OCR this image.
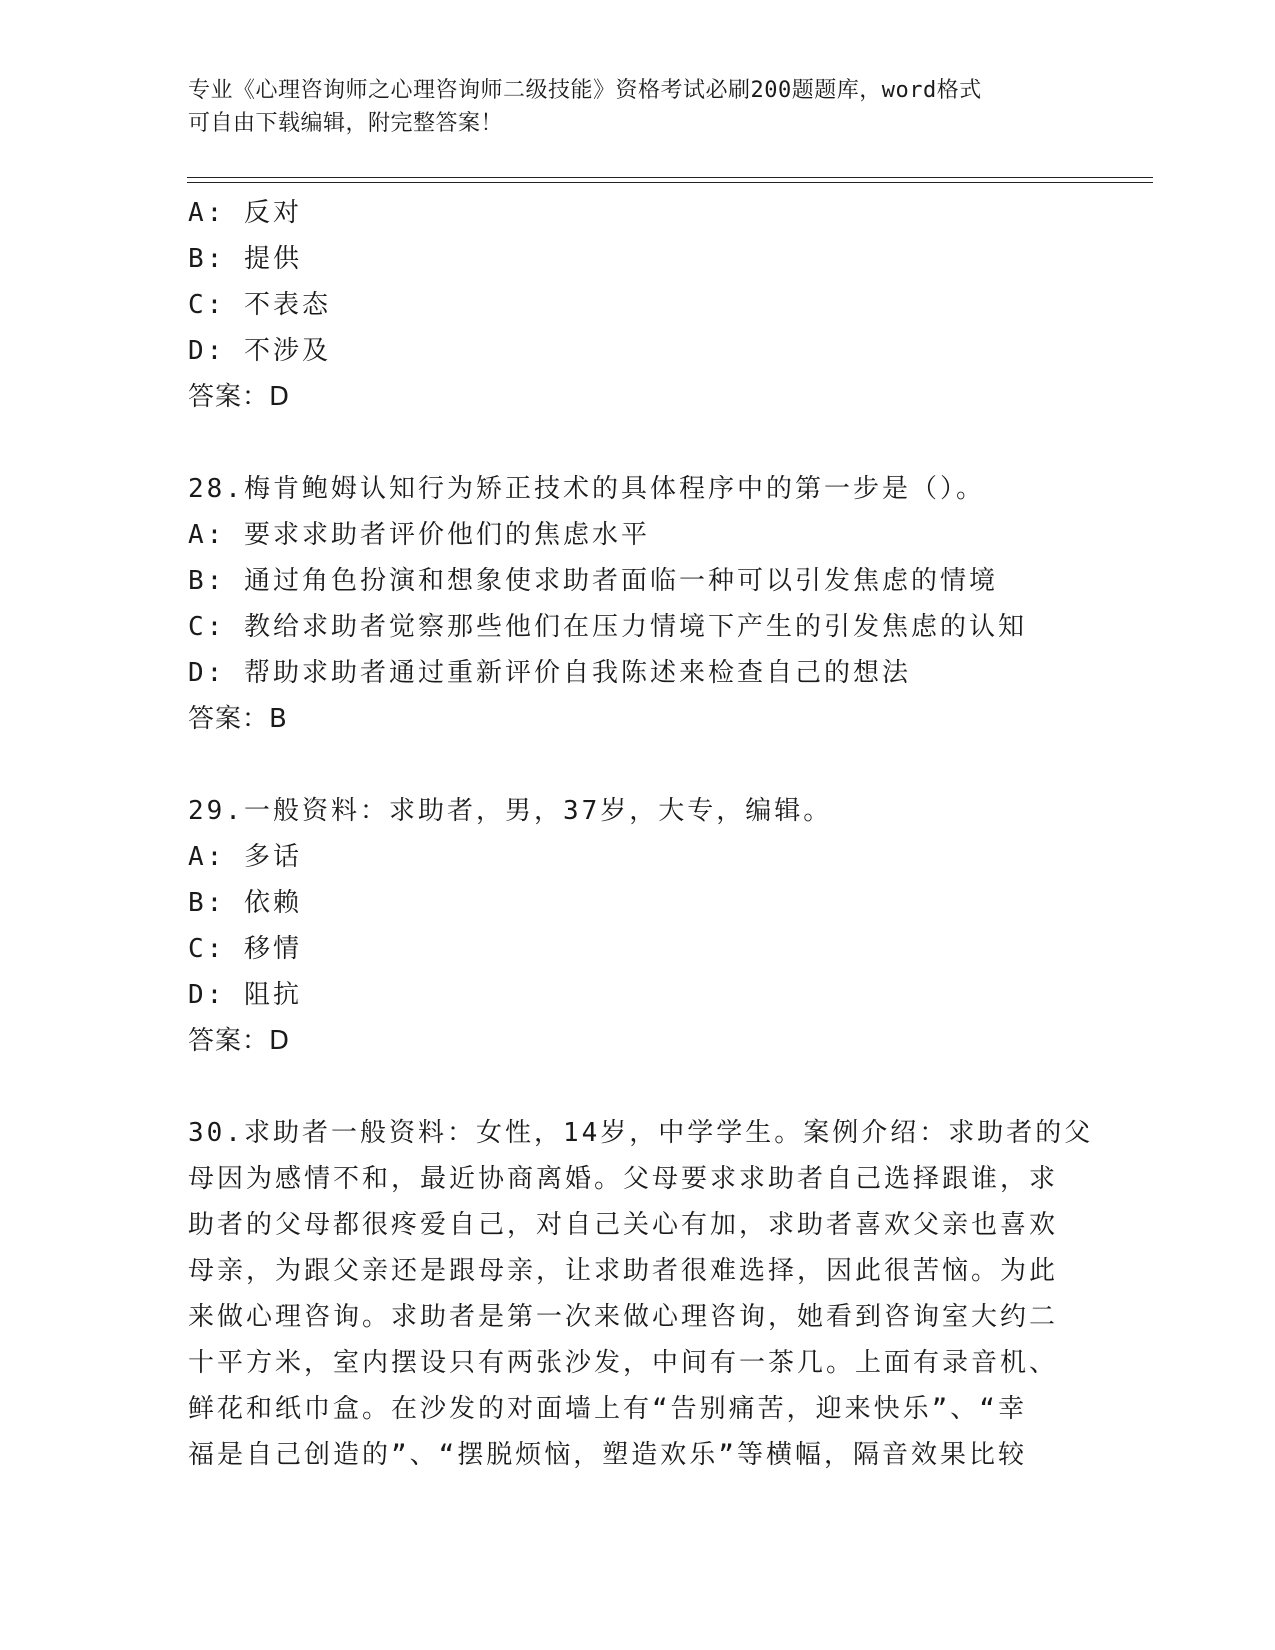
专业《心理咨询师之心理咨询师二级技能》资格考试必刷200题题库，word格式
可自由下载编辑，附完整答案！
A: 反对
B: 提供
C: 不表态
D: 不涉及
答案：D
28.梅肯鲍姆认知行为矫正技术的具体程序中的第一步是（）。
A: 要求求助者评价他们的焦虑水平
B: 通过角色扮演和想象使求助者面临一种可以引发焦虑的情境
C: 教给求助者觉察那些他们在压力情境下产生的引发焦虑的认知
D: 帮助求助者通过重新评价自我陈述来检查自己的想法
答案：B
29.一般资料：求助者，男，37岁，大专，编辑。
A: 多话
B: 依赖
C: 移情
D: 阻抗
答案：D
30.求助者一般资料：女性，14岁，中学学生。案例介绍：求助者的父
母因为感情不和，最近协商离婚。父母要求求助者自己选择跟谁，求
助者的父母都很疼爱自己，对自己关心有加，求助者喜欢父亲也喜欢
母亲，为跟父亲还是跟母亲，让求助者很难选择，因此很苦恼。为此
来做心理咨询。求助者是第一次来做心理咨询，她看到咨询室大约二
十平方米，室内摆设只有两张沙发，中间有一茶几。上面有录音机、
鲜花和纸巾盒。在沙发的对面墙上有“告别痛苦，迎来快乐”、“幸
福是自己创造的”、“摆脱烦恼，塑造欢乐”等横幅，隔音效果比较
